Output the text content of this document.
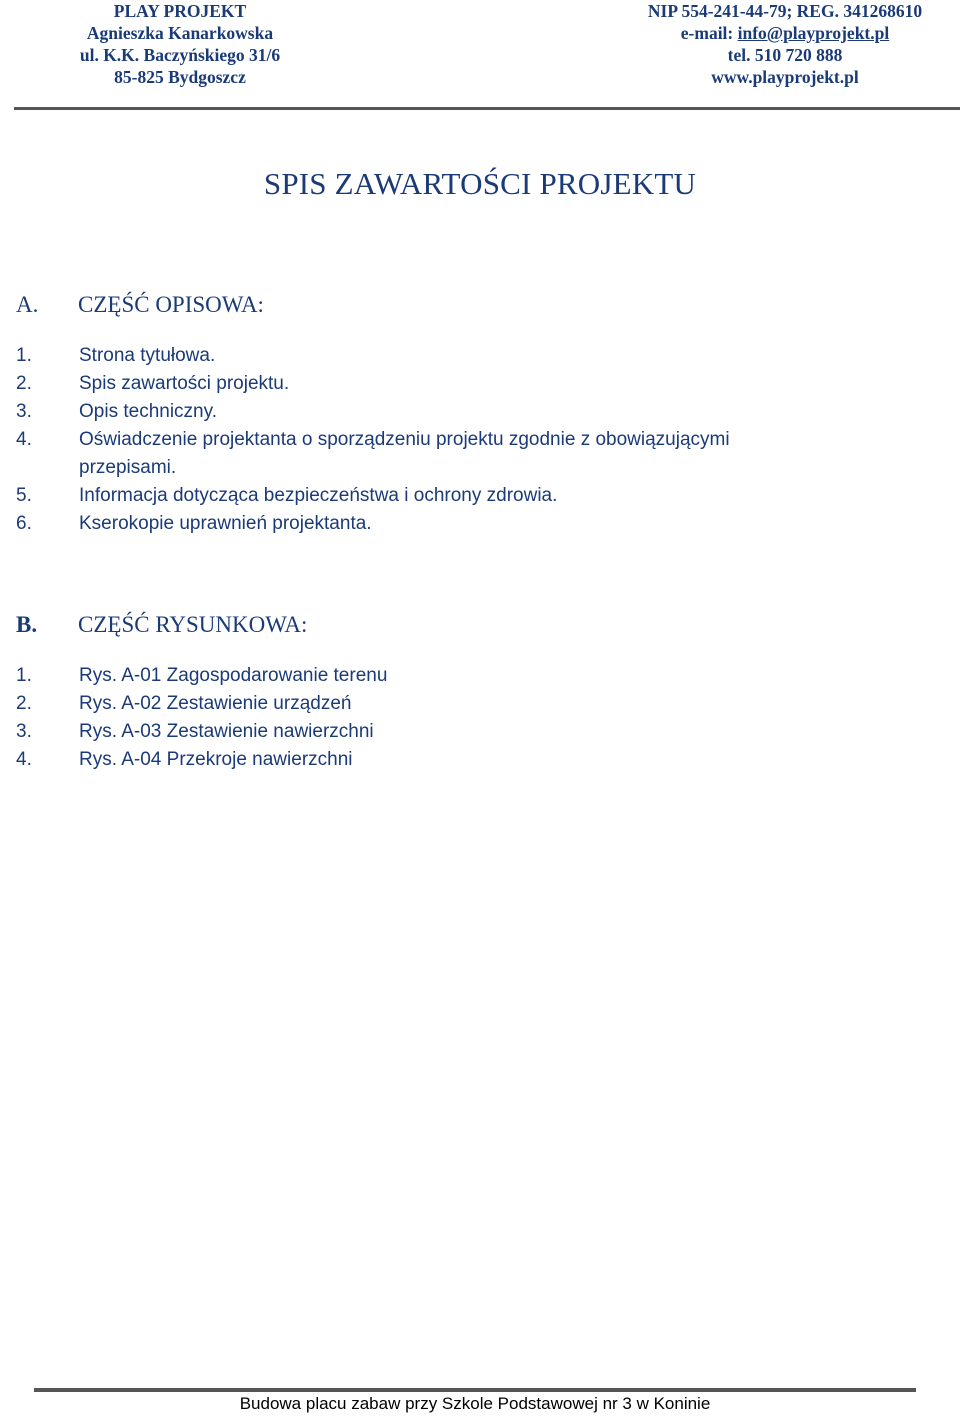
PLAY PROJEKT
Agnieszka Kanarkowska
ul. K.K. Baczyńskiego 31/6
85-825 Bydgoszcz
NIP 554-241-44-79; REG. 341268610
e-mail: info@playprojekt.pl
tel. 510 720 888
www.playprojekt.pl
SPIS ZAWARTOŚCI PROJEKTU
A. CZĘŚĆ OPISOWA:
1. Strona tytułowa.
2. Spis zawartości projektu.
3. Opis techniczny.
4. Oświadczenie projektanta o sporządzeniu projektu zgodnie z obowiązującymi
przepisami.
5. Informacja dotycząca bezpieczeństwa i ochrony zdrowia.
6. Kserokopie uprawnień projektanta.
B. CZĘŚĆ RYSUNKOWA:
1. Rys. A-01 Zagospodarowanie terenu
2. Rys. A-02 Zestawienie urządzeń
3. Rys. A-03 Zestawienie nawierzchni
4. Rys. A-04 Przekroje nawierzchni
Budowa placu zabaw przy Szkole Podstawowej nr 3 w Koninie
